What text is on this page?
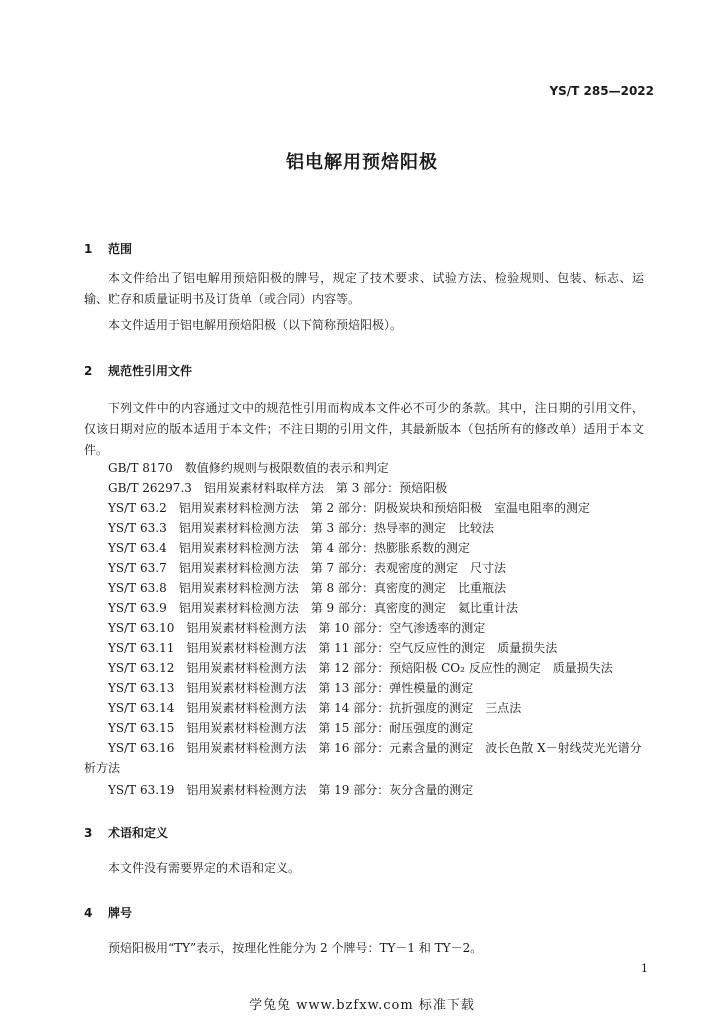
YS/T 285—2022
铝电解用预焙阳极
1 范围

本文件给出了铝电解用预焙阳极的牌号，规定了技术要求、试验方法、检验规则、包装、标志、运输、贮存和质量证明书及订货单（或合同）内容等。

本文件适用于铝电解用预焙阳极（以下简称预焙阳极）。

2 规范性引用文件

下列文件中的内容通过文中的规范性引用而构成本文件必不可少的条款。其中，注日期的引用文件，仅该日期对应的版本适用于本文件；不注日期的引用文件，其最新版本（包括所有的修改单）适用于本文件。

GB/T 8170　数值修约规则与极限数值的表示和判定

GB/T 26297.3　铝用炭素材料取样方法　第 3 部分：预焙阳极

YS/T 63.2　铝用炭素材料检测方法　第 2 部分：阴极炭块和预焙阳极　室温电阻率的测定

YS/T 63.3　铝用炭素材料检测方法　第 3 部分：热导率的测定　比较法

YS/T 63.4　铝用炭素材料检测方法　第 4 部分：热膨胀系数的测定

YS/T 63.7　铝用炭素材料检测方法　第 7 部分：表观密度的测定　尺寸法

YS/T 63.8　铝用炭素材料检测方法　第 8 部分：真密度的测定　比重瓶法

YS/T 63.9　铝用炭素材料检测方法　第 9 部分：真密度的测定　氦比重计法

YS/T 63.10　铝用炭素材料检测方法　第 10 部分：空气渗透率的测定

YS/T 63.11　铝用炭素材料检测方法　第 11 部分：空气反应性的测定　质量损失法

YS/T 63.12　铝用炭素材料检测方法　第 12 部分：预焙阳极 CO₂ 反应性的测定　质量损失法

YS/T 63.13　铝用炭素材料检测方法　第 13 部分：弹性模量的测定

YS/T 63.14　铝用炭素材料检测方法　第 14 部分：抗折强度的测定　三点法

YS/T 63.15　铝用炭素材料检测方法　第 15 部分：耐压强度的测定

YS/T 63.16　铝用炭素材料检测方法　第 16 部分：元素含量的测定　波长色散 X－射线荧光光谱分析方法

YS/T 63.19　铝用炭素材料检测方法　第 19 部分：灰分含量的测定

3 术语和定义

本文件没有需要界定的术语和定义。

4 牌号

预焙阳极用“TY”表示，按理化性能分为 2 个牌号：TY－1 和 TY－2。

1
学兔兔 www.bzfxw.com 标准下载
